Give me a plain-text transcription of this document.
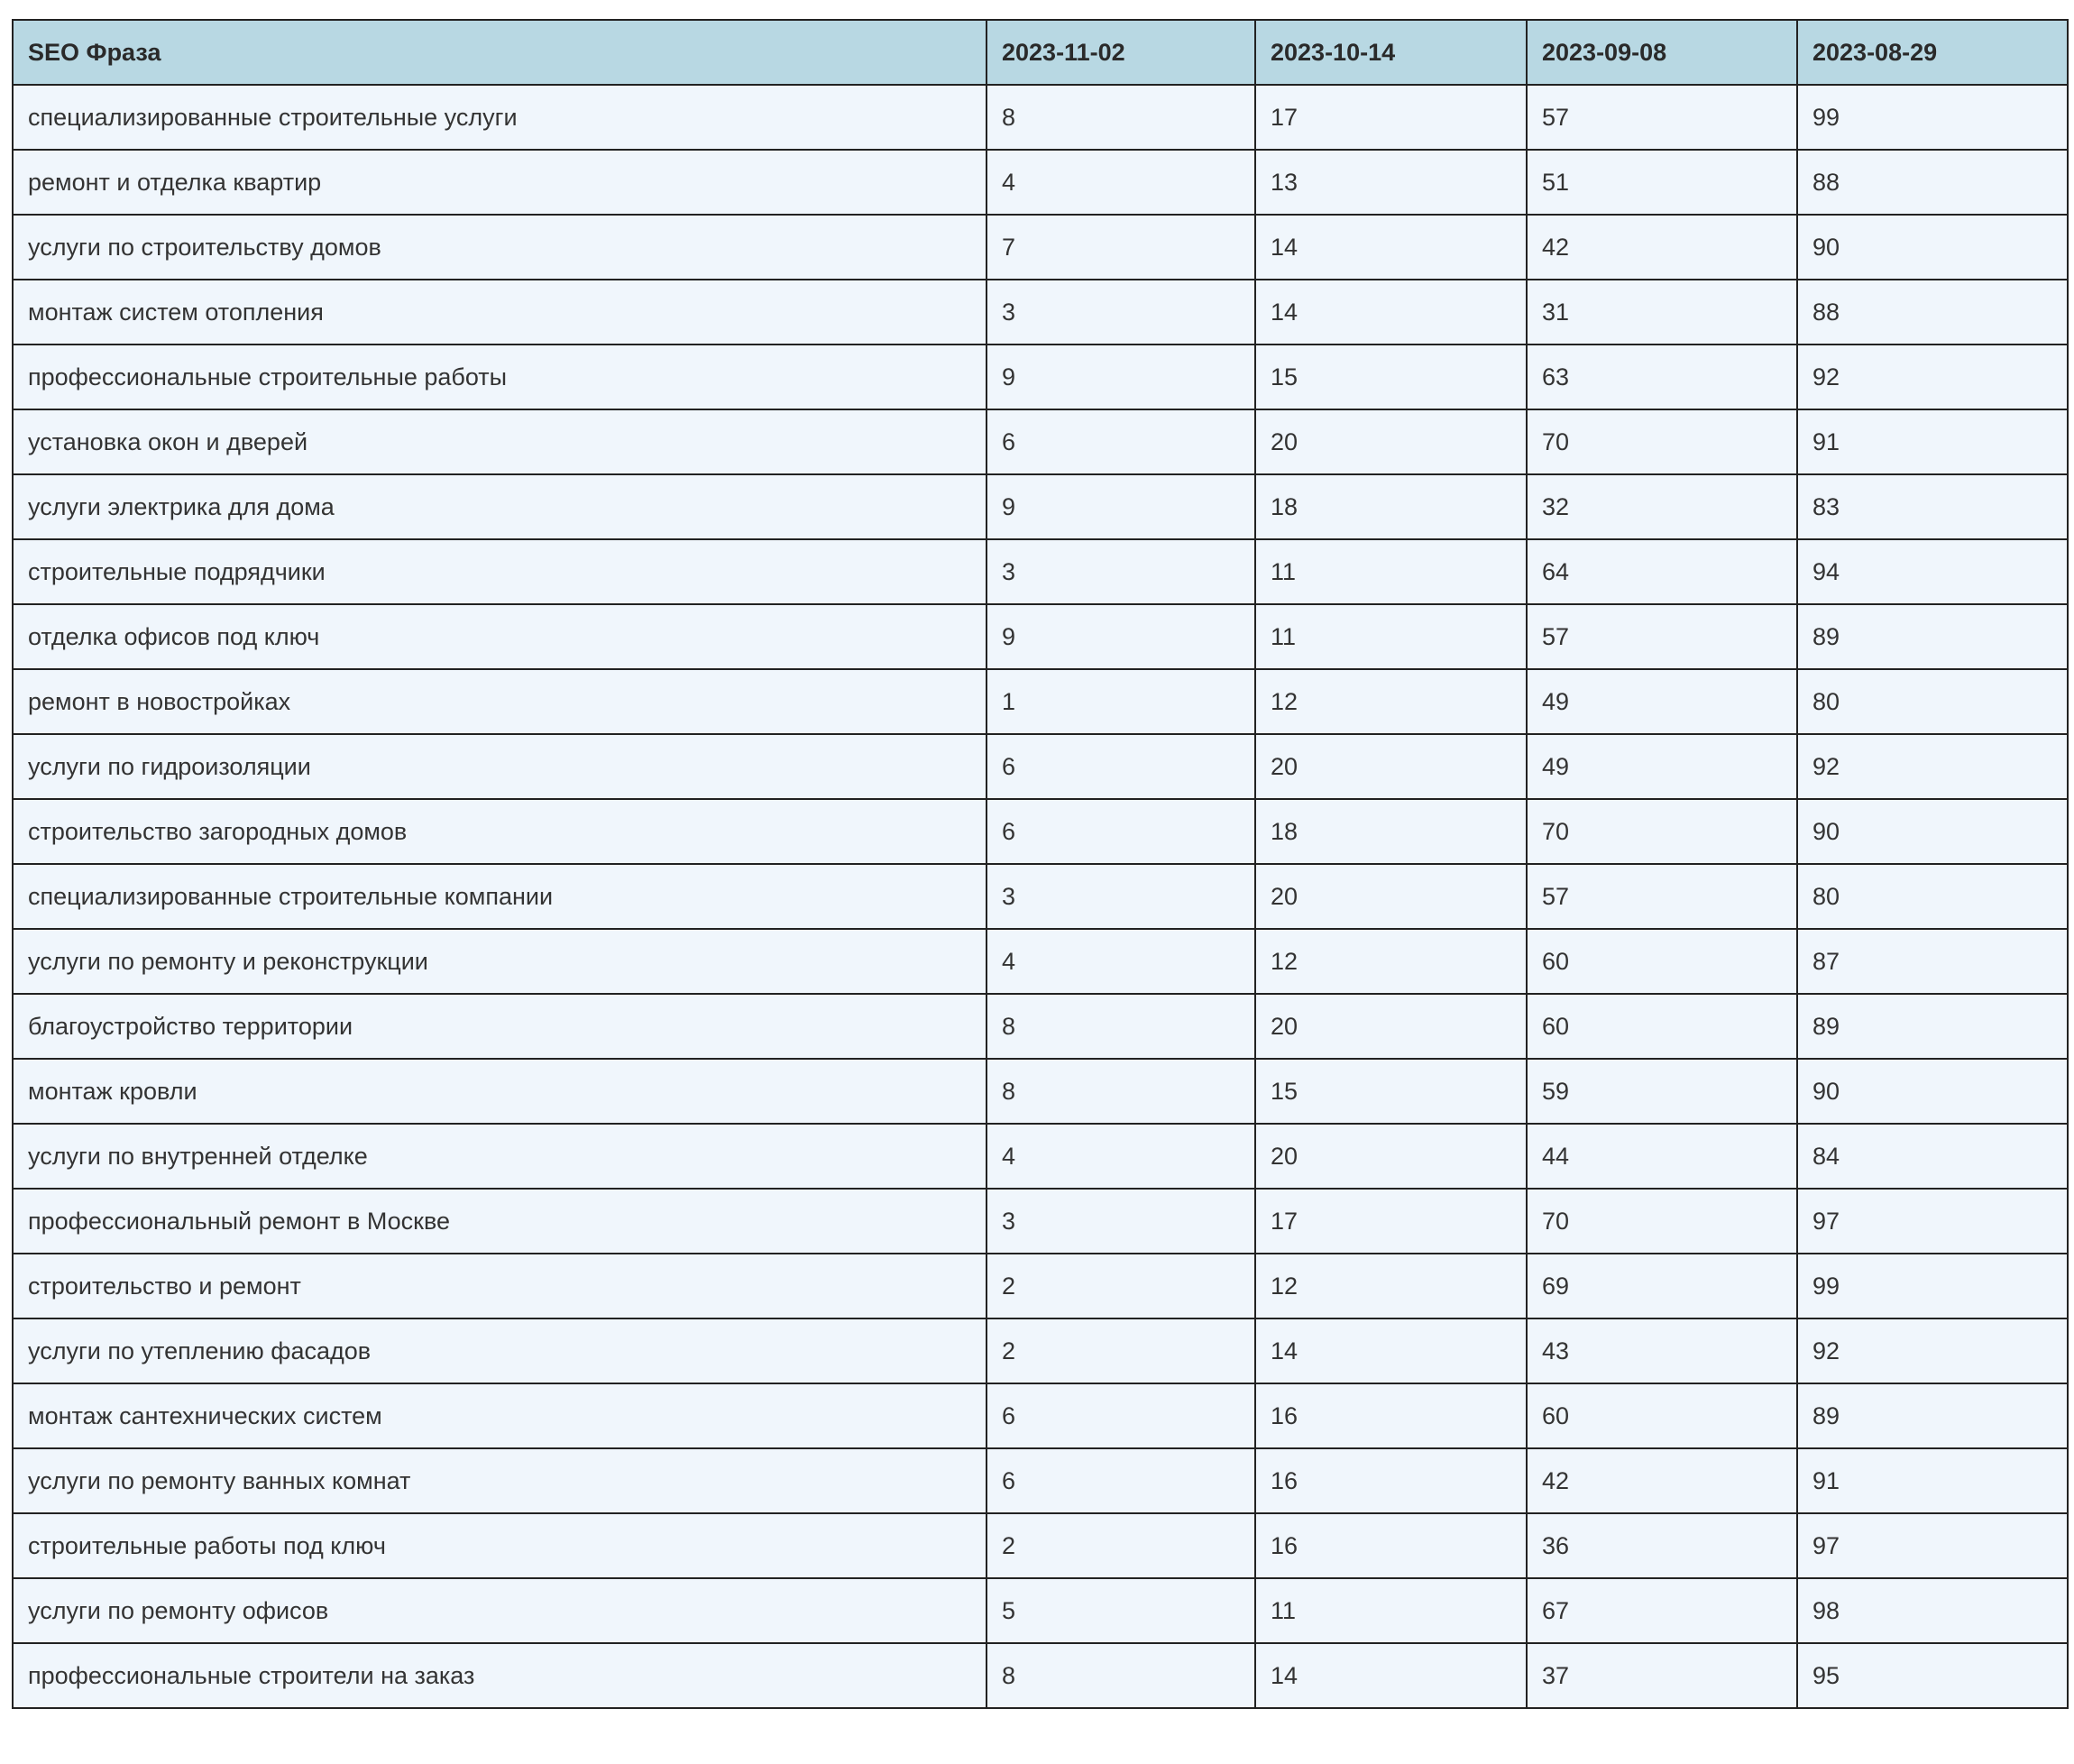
SEO Фраза	2023-11-02	2023-10-14	2023-09-08	2023-08-29
специализированные строительные услуги	8	17	57	99
ремонт и отделка квартир	4	13	51	88
услуги по строительству домов	7	14	42	90
монтаж систем отопления	3	14	31	88
профессиональные строительные работы	9	15	63	92
установка окон и дверей	6	20	70	91
услуги электрика для дома	9	18	32	83
строительные подрядчики	3	11	64	94
отделка офисов под ключ	9	11	57	89
ремонт в новостройках	1	12	49	80
услуги по гидроизоляции	6	20	49	92
строительство загородных домов	6	18	70	90
специализированные строительные компании	3	20	57	80
услуги по ремонту и реконструкции	4	12	60	87
благоустройство территории	8	20	60	89
монтаж кровли	8	15	59	90
услуги по внутренней отделке	4	20	44	84
профессиональный ремонт в Москве	3	17	70	97
строительство и ремонт	2	12	69	99
услуги по утеплению фасадов	2	14	43	92
монтаж сантехнических систем	6	16	60	89
услуги по ремонту ванных комнат	6	16	42	91
строительные работы под ключ	2	16	36	97
услуги по ремонту офисов	5	11	67	98
профессиональные строители на заказ	8	14	37	95
